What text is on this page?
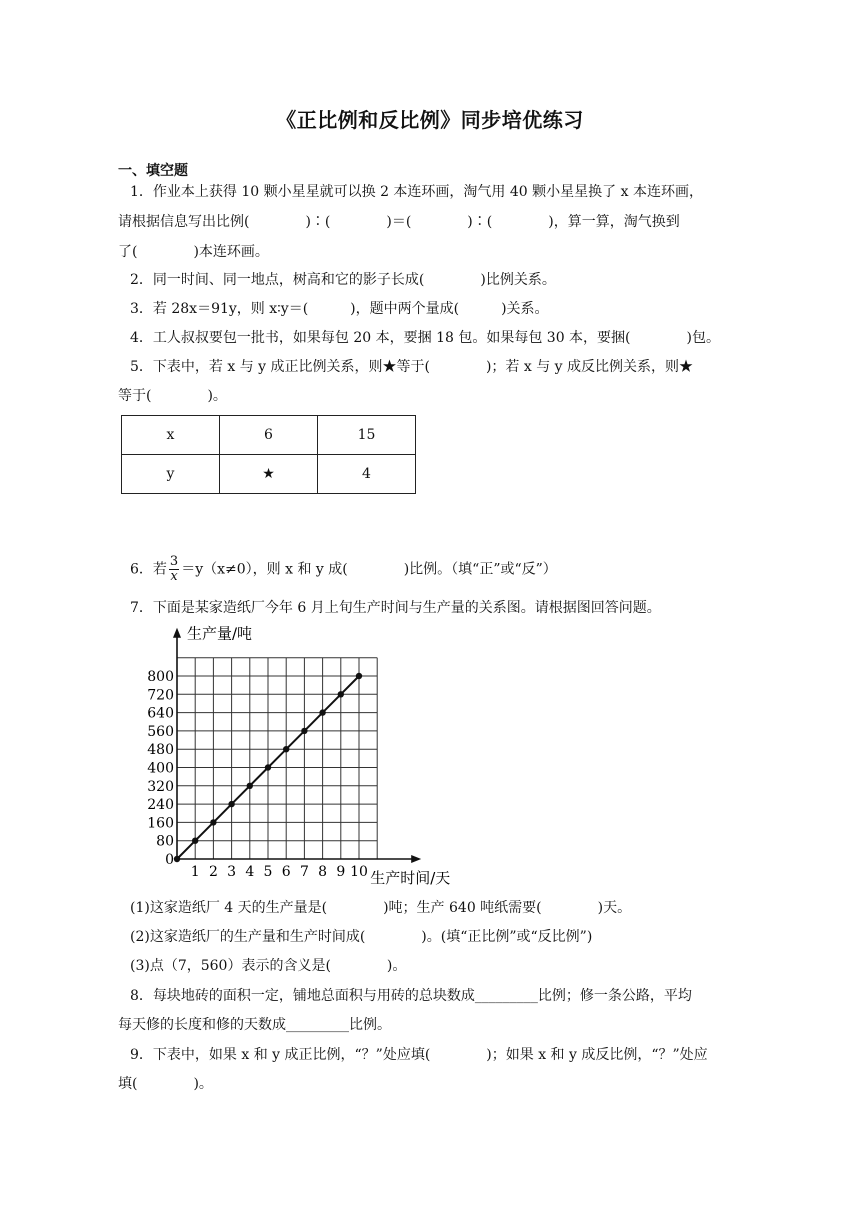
《正比例和反比例》同步培优练习
一、填空题
1．作业本上获得 10 颗小星星就可以换 2 本连环画，淘气用 40 颗小星星换了 x 本连环画，
请根据信息写出比例(　　　　)∶(　　　　)＝(　　　　)∶(　　　　)，算一算，淘气换到
了(　　　　)本连环画。
2．同一时间、同一地点，树高和它的影子长成(　　　　)比例关系。
3．若 28x＝91y，则 x∶y＝(　　　)，题中两个量成(　　　)关系。
4．工人叔叔要包一批书，如果每包 20 本，要捆 18 包。如果每包 30 本，要捆(　　　　)包。
5．下表中，若 x 与 y 成正比例关系，则★等于(　　　　)；若 x 与 y 成反比例关系，则★
等于(　　　　)。
x	6	15
y	★	4
6．若 $\frac{3}{x} =y(x\ne 0)$，则 x 和 y 成(　　　　)比例。（填“正”或“反”）
7．下面是某家造纸厂今年 6 月上旬生产时间与生产量的关系图。请根据图回答问题。
生产量/吨
生产时间/天
0
80
160
240
320
400
480
560
640
720
800
1 2 3 4 5 6 7 8 9 10
(1)这家造纸厂 4 天的生产量是(　　　　)吨；生产 640 吨纸需要(　　　　)天。
(2)这家造纸厂的生产量和生产时间成(　　　　)。(填“正比例”或“反比例”)
(3)点（7，560）表示的含义是(　　　　)。
8．每块地砖的面积一定，铺地总面积与用砖的总块数成_________比例；修一条公路，平均
每天修的长度和修的天数成_________比例。
9．下表中，如果 x 和 y 成正比例，“？”处应填(　　　　)；如果 x 和 y 成反比例，“？”处应
填(　　　　)。
